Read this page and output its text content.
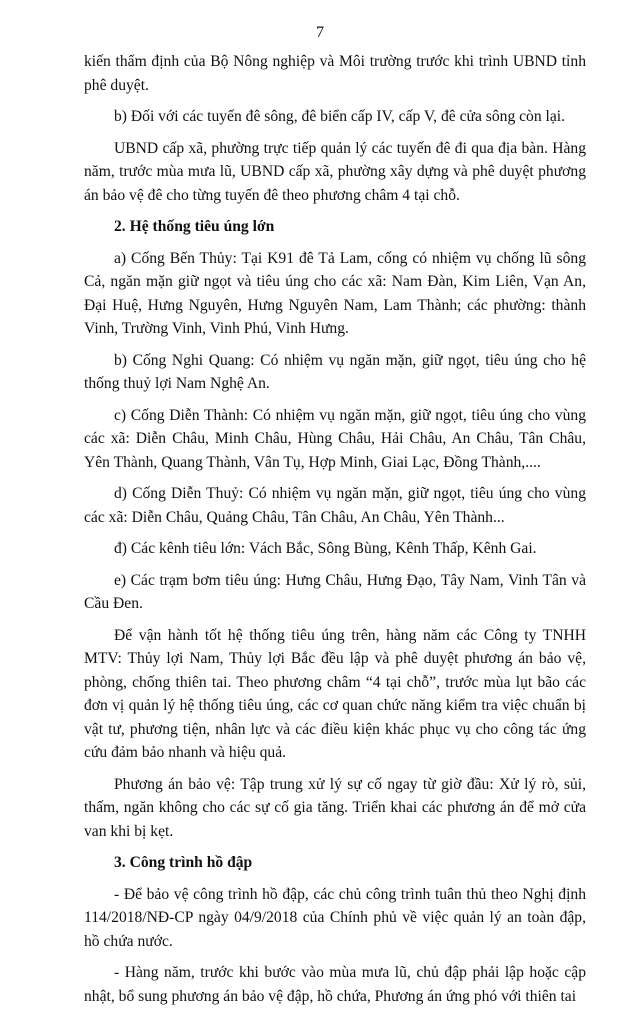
7

kiến thẩm định của Bộ Nông nghiệp và Môi trường trước khi trình UBND tỉnh phê duyệt.

b) Đối với các tuyến đê sông, đê biển cấp IV, cấp V, đê cửa sông còn lại.

UBND cấp xã, phường trực tiếp quản lý các tuyến đê đi qua địa bàn. Hàng năm, trước mùa mưa lũ, UBND cấp xã, phường xây dựng và phê duyệt phương án bảo vệ đê cho từng tuyến đê theo phương châm 4 tại chỗ.

2. Hệ thống tiêu úng lớn

a) Cống Bến Thủy: Tại K91 đê Tả Lam, cống có nhiệm vụ chống lũ sông Cả, ngăn mặn giữ ngọt và tiêu úng cho các xã: Nam Đàn, Kim Liên, Vạn An, Đại Huệ, Hưng Nguyên, Hưng Nguyên Nam, Lam Thành; các phường: thành Vinh, Trường Vinh, Vinh Phú, Vinh Hưng.

b) Cống Nghi Quang: Có nhiệm vụ ngăn mặn, giữ ngọt, tiêu úng cho hệ thống thuỷ lợi Nam Nghệ An.

c) Cống Diễn Thành: Có nhiệm vụ ngăn mặn, giữ ngọt, tiêu úng cho vùng các xã: Diễn Châu, Minh Châu, Hùng Châu, Hải Châu, An Châu, Tân Châu, Yên Thành, Quang Thành, Vân Tụ, Hợp Minh, Giai Lạc, Đồng Thành,....

d) Cống Diễn Thuỷ: Có nhiệm vụ ngăn mặn, giữ ngọt, tiêu úng cho vùng các xã: Diễn Châu, Quảng Châu, Tân Châu, An Châu, Yên Thành...

đ) Các kênh tiêu lớn: Vách Bắc, Sông Bùng, Kênh Thấp, Kênh Gai.

e) Các trạm bơm tiêu úng: Hưng Châu, Hưng Đạo, Tây Nam, Vinh Tân và Cầu Đen.

Để vận hành tốt hệ thống tiêu úng trên, hàng năm các Công ty TNHH MTV: Thủy lợi Nam, Thủy lợi Bắc đều lập và phê duyệt phương án bảo vệ, phòng, chống thiên tai. Theo phương châm “4 tại chỗ”, trước mùa lụt bão các đơn vị quản lý hệ thống tiêu úng, các cơ quan chức năng kiểm tra việc chuẩn bị vật tư, phương tiện, nhân lực và các điều kiện khác phục vụ cho công tác ứng cứu đảm bảo nhanh và hiệu quả.

Phương án bảo vệ: Tập trung xử lý sự cố ngay từ giờ đầu: Xử lý rò, sủi, thấm, ngăn không cho các sự cố gia tăng. Triển khai các phương án để mở cửa van khi bị kẹt.

3. Công trình hồ đập

- Để bảo vệ công trình hồ đập, các chủ công trình tuân thủ theo Nghị định 114/2018/NĐ-CP ngày 04/9/2018 của Chính phủ về việc quản lý an toàn đập, hồ chứa nước.

- Hàng năm, trước khi bước vào mùa mưa lũ, chủ đập phải lập hoặc cập nhật, bổ sung phương án bảo vệ đập, hồ chứa, Phương án ứng phó với thiên tai
